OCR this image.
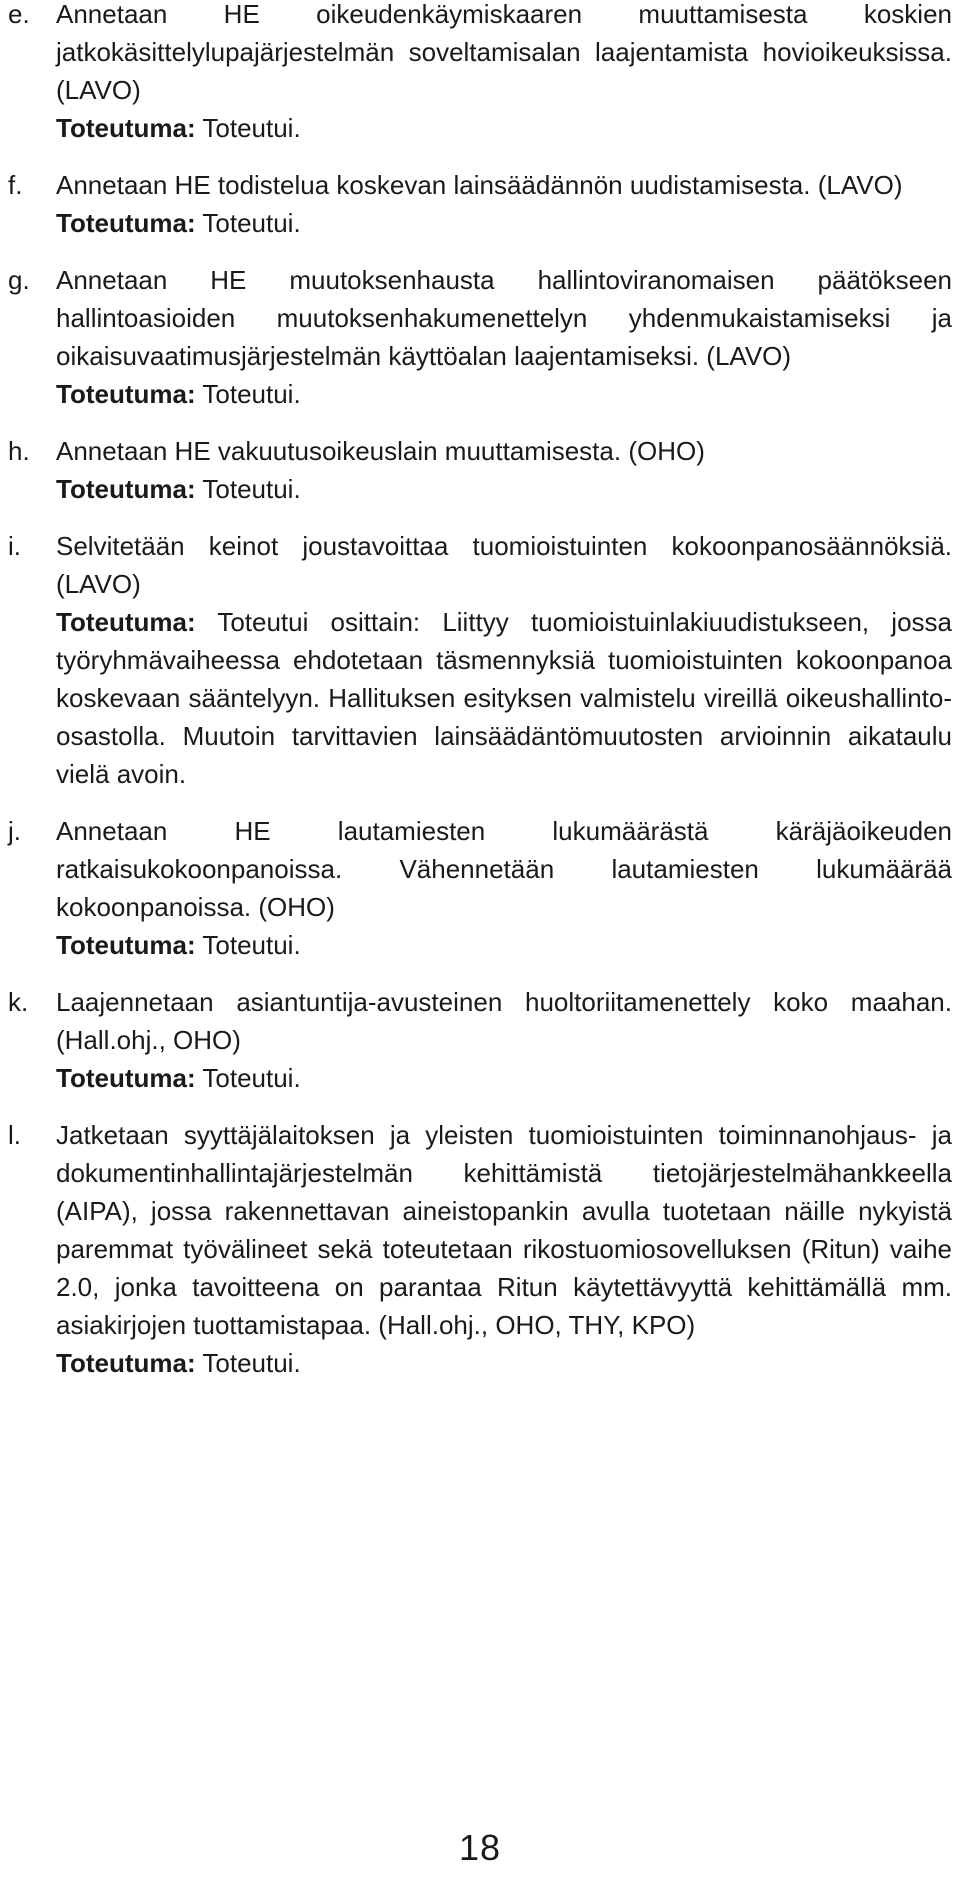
e.	Annetaan HE oikeudenkäymiskaaren muuttamisesta koskien jatkokäsittelylupajärjestelmän soveltamisalan laajentamista hovioikeuksissa. (LAVO)
Toteutuma: Toteutui.
f.	Annetaan HE todistelua koskevan lainsäädännön uudistamisesta. (LAVO)
Toteutuma: Toteutui.
g.	Annetaan HE muutoksenhausta hallintoviranomaisen päätökseen hallintoasioiden muutoksenhakumenettelyn yhdenmukaistamiseksi ja oikaisuvaatimusjärjestelmän käyttöalan laajentamiseksi. (LAVO)
Toteutuma: Toteutui.
h.	Annetaan HE vakuutusoikeuslain muuttamisesta. (OHO)
Toteutuma: Toteutui.
i.	Selvitetään keinot joustavoittaa tuomioistuinten kokoonpanosäännöksiä. (LAVO)
Toteutuma: Toteutui osittain: Liittyy tuomioistuinlakiuudistukseen, jossa työryhmävaiheessa ehdotetaan täsmennyksiä tuomioistuinten kokoonpanoa koskevaan sääntelyyn. Hallituksen esityksen valmistelu vireillä oikeushallinto-osastolla. Muutoin tarvittavien lainsäädäntömuutosten arvioinnin aikataulu vielä avoin.
j.	Annetaan HE lautamiesten lukumäärästä käräjäoikeuden ratkaisukokoonpanoissa. Vähennetään lautamiesten lukumäärää kokoonpanoissa. (OHO)
Toteutuma: Toteutui.
k.	Laajennetaan asiantuntija-avusteinen huoltoriitamenettely koko maahan. (Hall.ohj., OHO)
Toteutuma: Toteutui.
l.	Jatketaan syyttäjälaitoksen ja yleisten tuomioistuinten toiminnanohjaus- ja dokumentinhallintajärjestelmän kehittämistä tietojärjestelmähankkeella (AIPA), jossa rakennettavan aineistopankin avulla tuotetaan näille nykyistä paremmat työvälineet sekä toteutetaan rikostuomiosovelluksen (Ritun) vaihe 2.0, jonka tavoitteena on parantaa Ritun käytettävyyttä kehittämällä mm. asiakirjojen tuottamistapaa. (Hall.ohj., OHO, THY, KPO)
Toteutuma: Toteutui.
18
